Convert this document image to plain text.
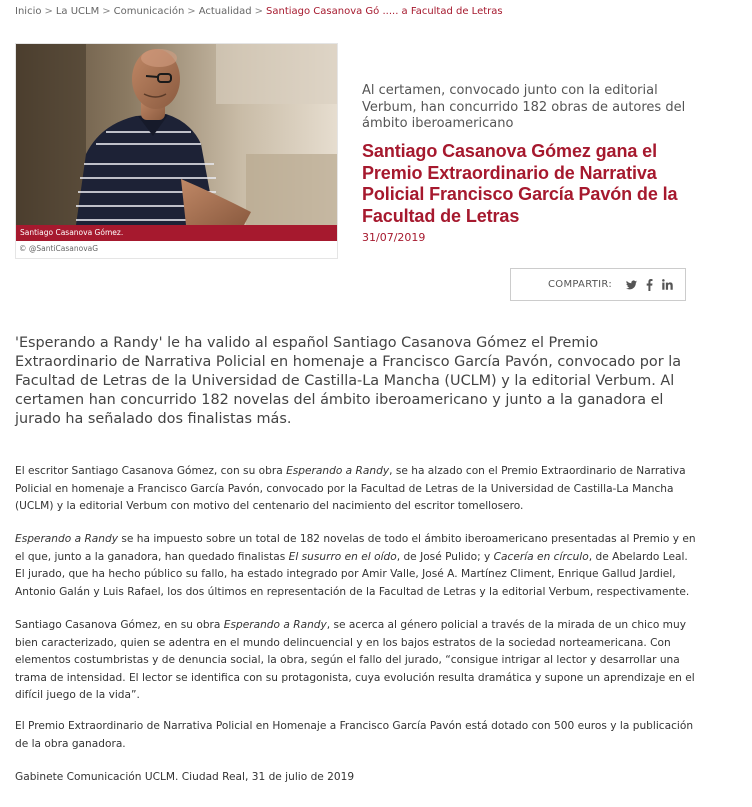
Inicio > La UCLM > Comunicación > Actualidad > Santiago Casanova Gó ..... a Facultad de Letras
Santiago Casanova Gómez.
© @SantiCasanovaG

Al certamen, convocado junto con la editorial Verbum, han concurrido 182 obras de autores del ámbito iberoamericano

Santiago Casanova Gómez gana el Premio Extraordinario de Narrativa Policial Francisco García Pavón de la Facultad de Letras
31/07/2019
COMPARTIR:

'Esperando a Randy' le ha valido al español Santiago Casanova Gómez el Premio Extraordinario de Narrativa Policial en homenaje a Francisco García Pavón, convocado por la Facultad de Letras de la Universidad de Castilla-La Mancha (UCLM) y la editorial Verbum. Al certamen han concurrido 182 novelas del ámbito iberoamericano y junto a la ganadora el jurado ha señalado dos finalistas más.

El escritor Santiago Casanova Gómez, con su obra Esperando a Randy, se ha alzado con el Premio Extraordinario de Narrativa Policial en homenaje a Francisco García Pavón, convocado por la Facultad de Letras de la Universidad de Castilla-La Mancha (UCLM) y la editorial Verbum con motivo del centenario del nacimiento del escritor tomellosero.

Esperando a Randy se ha impuesto sobre un total de 182 novelas de todo el ámbito iberoamericano presentadas al Premio y en el que, junto a la ganadora, han quedado finalistas El susurro en el oído, de José Pulido; y Cacería en círculo, de Abelardo Leal. El jurado, que ha hecho público su fallo, ha estado integrado por Amir Valle, José A. Martínez Climent, Enrique Gallud Jardiel, Antonio Galán y Luis Rafael, los dos últimos en representación de la Facultad de Letras y la editorial Verbum, respectivamente.

Santiago Casanova Gómez, en su obra Esperando a Randy, se acerca al género policial a través de la mirada de un chico muy bien caracterizado, quien se adentra en el mundo delincuencial y en los bajos estratos de la sociedad norteamericana. Con elementos costumbristas y de denuncia social, la obra, según el fallo del jurado, “consigue intrigar al lector y desarrollar una trama de intensidad. El lector se identifica con su protagonista, cuya evolución resulta dramática y supone un aprendizaje en el difícil juego de la vida”.

El Premio Extraordinario de Narrativa Policial en Homenaje a Francisco García Pavón está dotado con 500 euros y la publicación de la obra ganadora.

Gabinete Comunicación UCLM. Ciudad Real, 31 de julio de 2019
